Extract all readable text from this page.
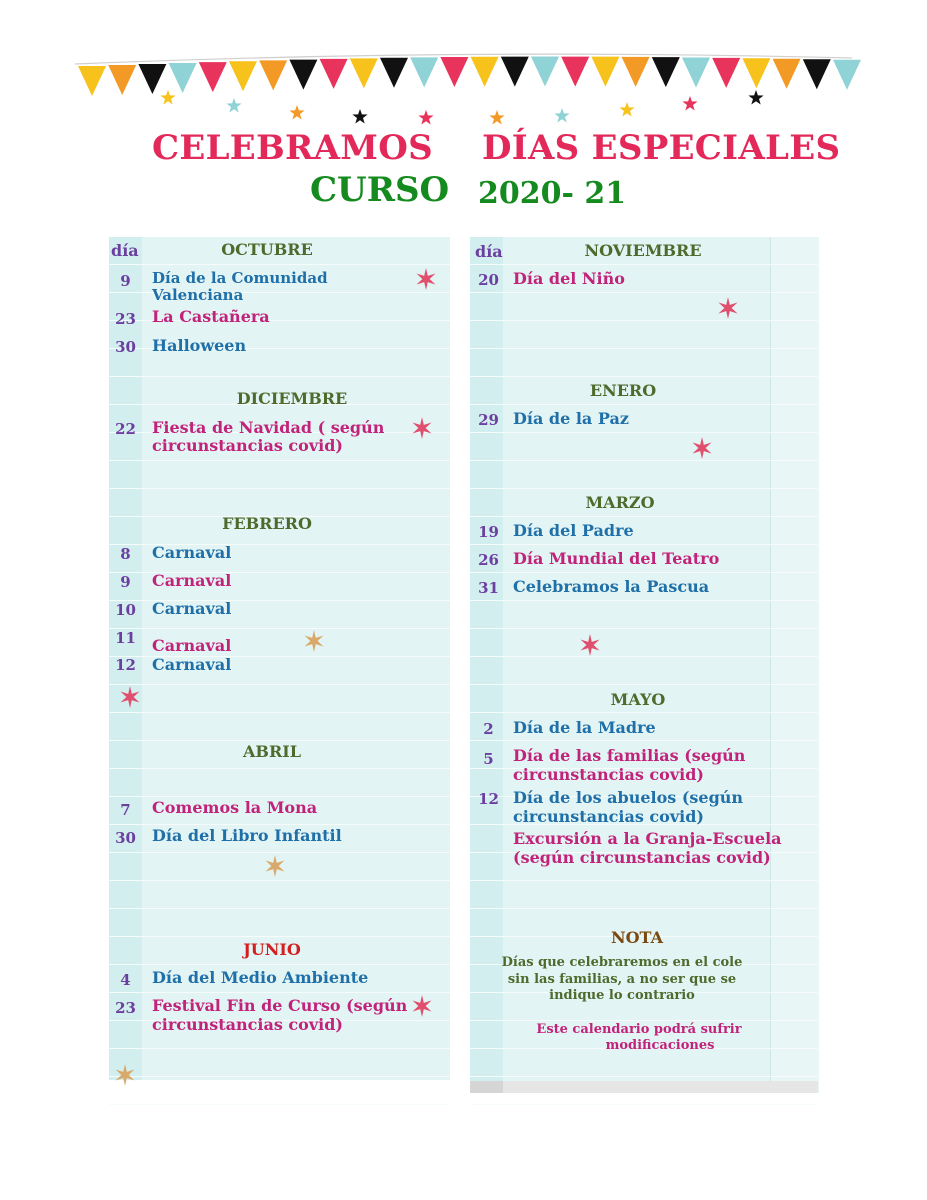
CELEBRAMOS DÍAS ESPECIALES
CURSO 2020- 21
día	OCTUBRE
9	Día de la Comunidad
Valenciana
23	La Castañera
30	Halloween
DICIEMBRE
22	Fiesta de Navidad ( según
circunstancias covid)
FEBRERO
8	Carnaval
9	Carnaval
10	Carnaval
11	Carnaval
12	Carnaval
ABRIL
7	Comemos la Mona
30	Día del Libro Infantil
JUNIO
4	Día del Medio Ambiente
23	Festival Fin de Curso (según
circunstancias covid)
día	NOVIEMBRE
20 Día del Niño
ENERO
29 Día de la Paz
MARZO
19 Día del Padre
26 Día Mundial del Teatro
31 Celebramos la Pascua
MAYO
2	Día de la Madre
5	Día de las familias (según
circunstancias covid)
12 Día de los abuelos (según
circunstancias covid)
Excursión a la Granja-Escuela
(según circunstancias covid)
NOTA
Días que celebraremos en el cole
sin las familias, a no ser que se
indique lo contrario
Este calendario podrá sufrir
modificaciones
